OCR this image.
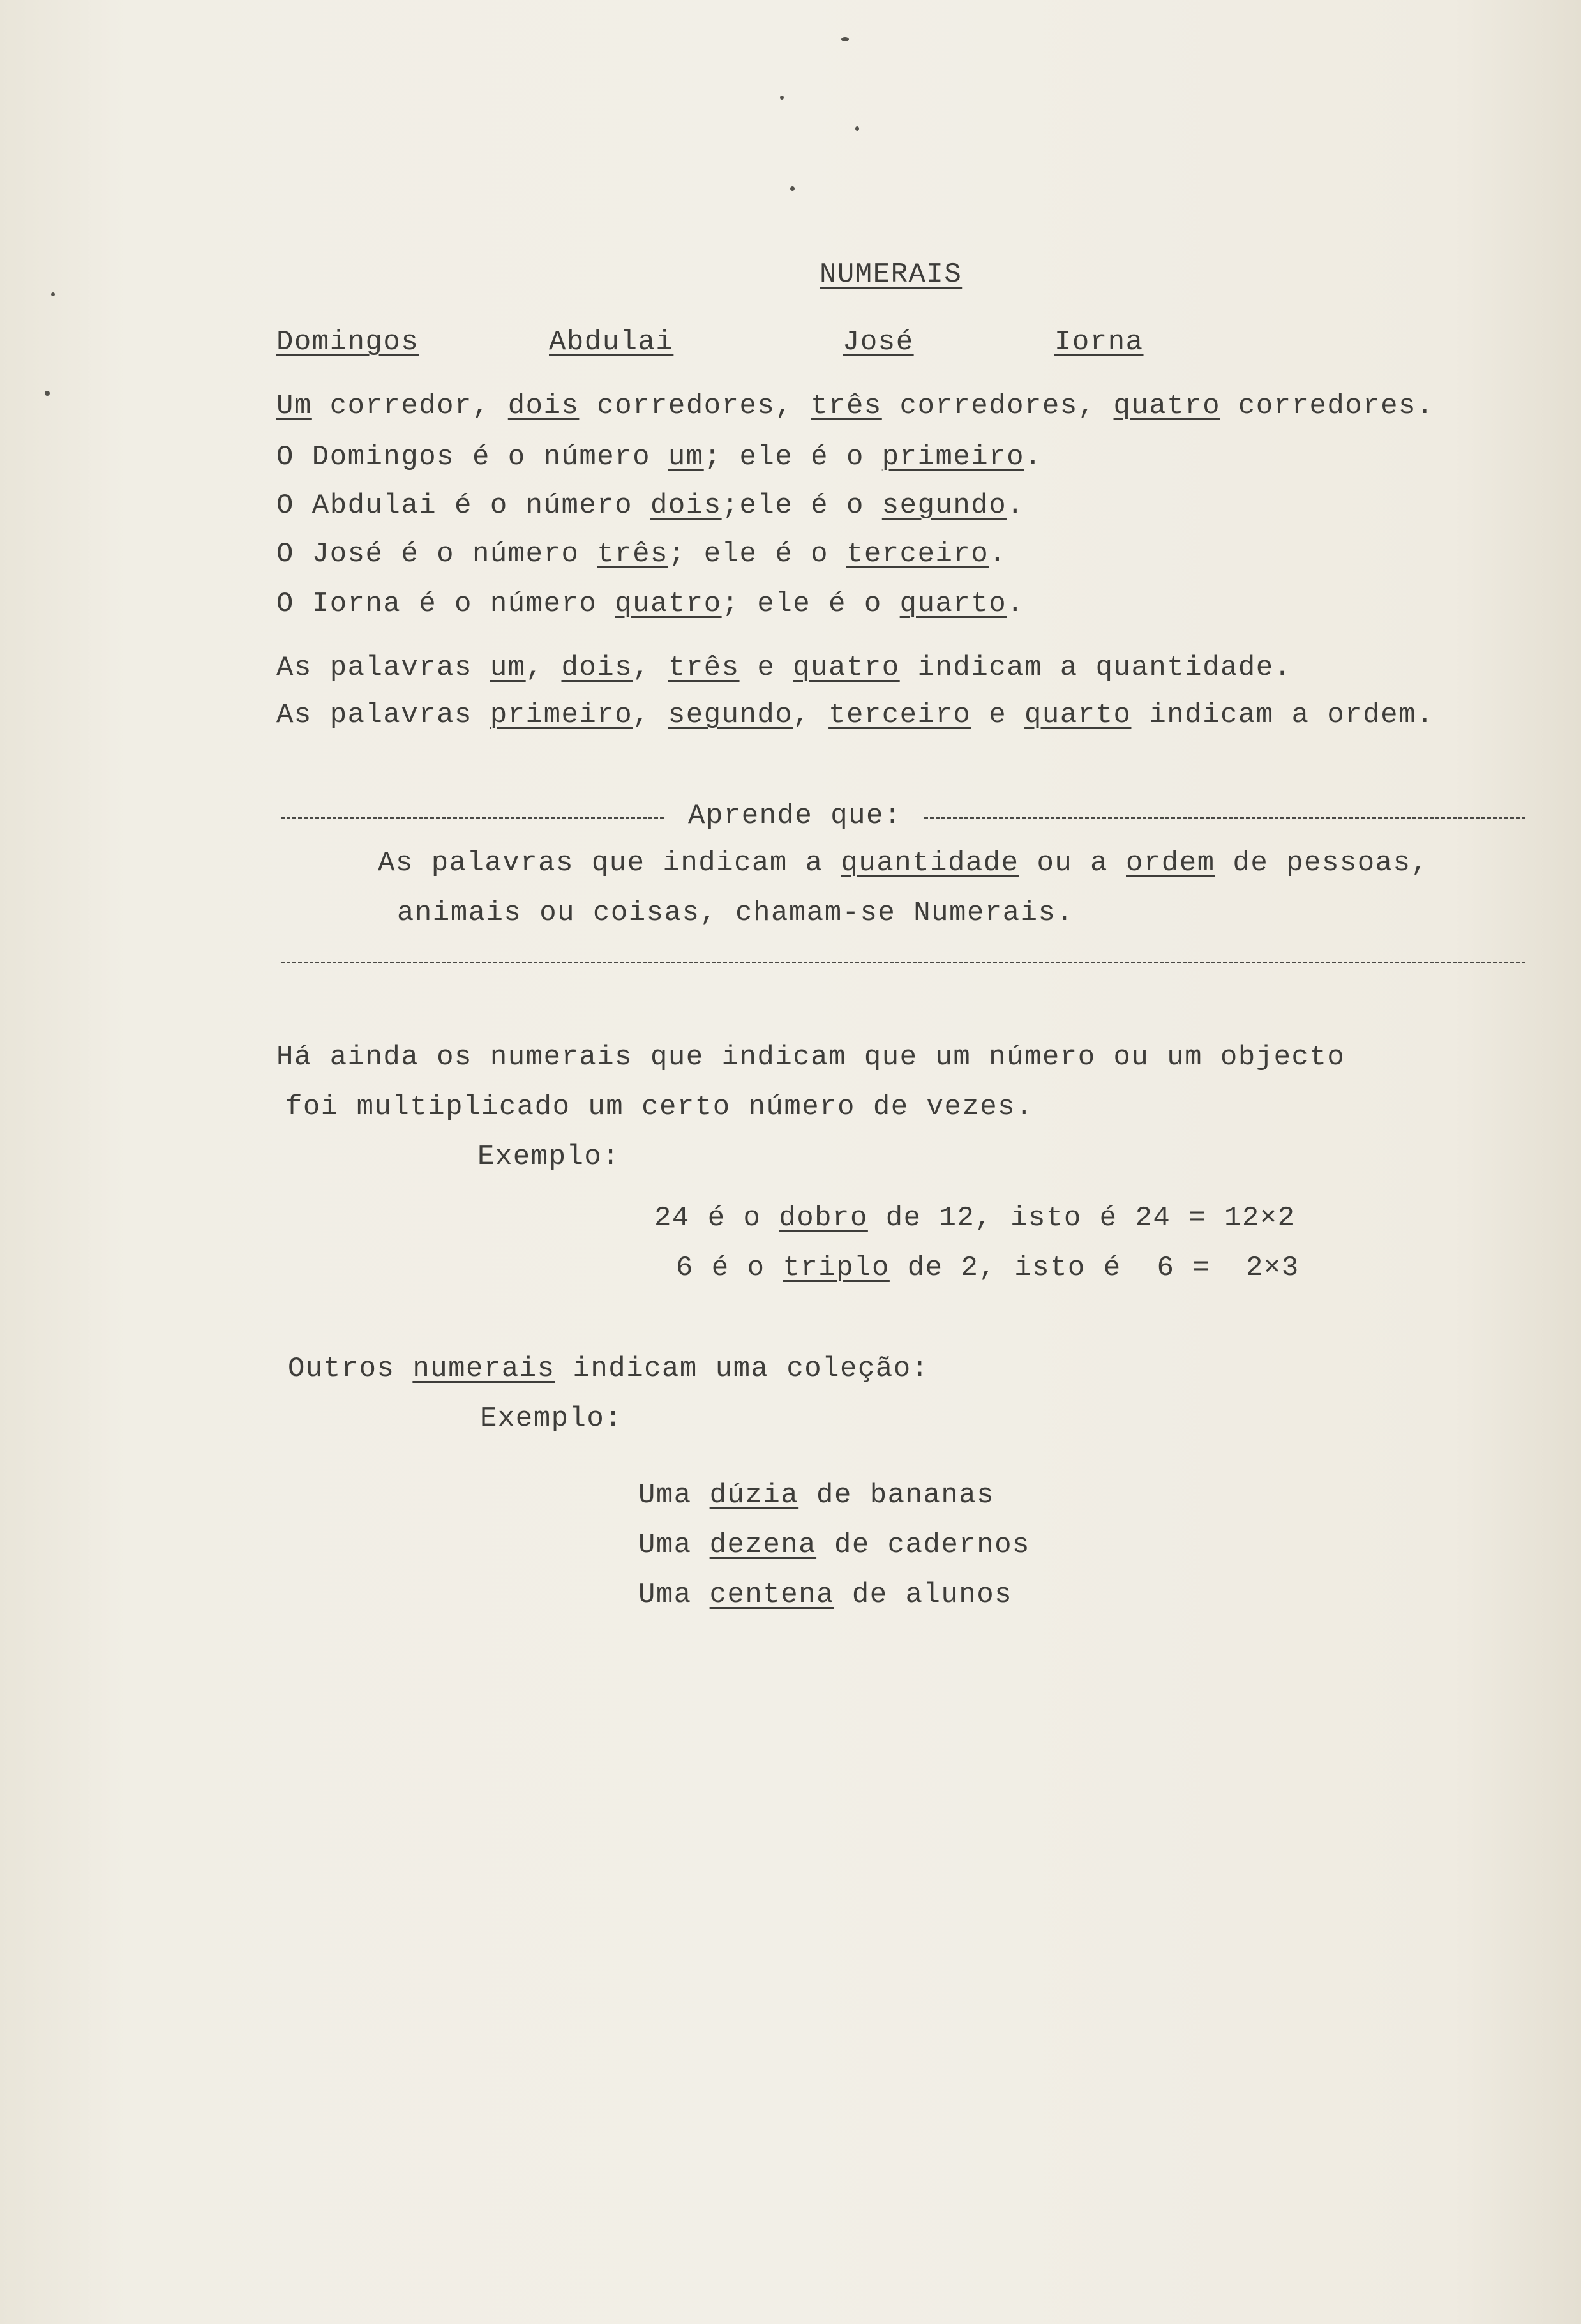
NUMERAIS
Domingos	Abdulai	José	Iorna
Um corredor, dois corredores, três corredores, quatro corredores.
O Domingos é o número um; ele é o primeiro.
O Abdulai é o número dois;ele é o segundo.
O José é o número três; ele é o terceiro.
O Iorna é o número quatro; ele é o quarto.
As palavras um, dois, três e quatro indicam a quantidade.
As palavras primeiro, segundo, terceiro e quarto indicam a ordem.
Aprende que:
As palavras que indicam a quantidade ou a ordem de pessoas,
animais ou coisas, chamam-se Numerais.
Há ainda os numerais que indicam que um número ou um objecto
foi multiplicado um certo número de vezes.
Exemplo:
24 é o dobro de 12, isto é 24 = 12×2
6 é o triplo de 2, isto é  6 =  2×3
Outros numerais indicam uma coleção:
Exemplo:
Uma dúzia de bananas
Uma dezena de cadernos
Uma centena de alunos
